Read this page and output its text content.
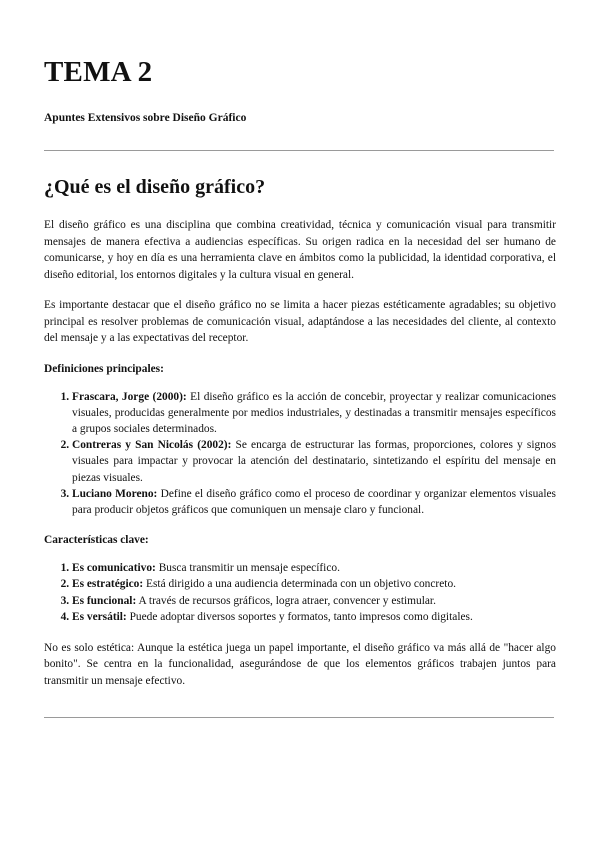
TEMA 2

Apuntes Extensivos sobre Diseño Gráfico

¿Qué es el diseño gráfico?

El diseño gráfico es una disciplina que combina creatividad, técnica y comunicación visual para transmitir mensajes de manera efectiva a audiencias específicas. Su origen radica en la necesidad del ser humano de comunicarse, y hoy en día es una herramienta clave en ámbitos como la publicidad, la identidad corporativa, el diseño editorial, los entornos digitales y la cultura visual en general.

Es importante destacar que el diseño gráfico no se limita a hacer piezas estéticamente agradables; su objetivo principal es resolver problemas de comunicación visual, adaptándose a las necesidades del cliente, al contexto del mensaje y a las expectativas del receptor.

Definiciones principales:
1. Frascara, Jorge (2000): El diseño gráfico es la acción de concebir, proyectar y realizar comunicaciones visuales, producidas generalmente por medios industriales, y destinadas a transmitir mensajes específicos a grupos sociales determinados.
2. Contreras y San Nicolás (2002): Se encarga de estructurar las formas, proporciones, colores y signos visuales para impactar y provocar la atención del destinatario, sintetizando el espíritu del mensaje en piezas visuales.
3. Luciano Moreno: Define el diseño gráfico como el proceso de coordinar y organizar elementos visuales para producir objetos gráficos que comuniquen un mensaje claro y funcional.
Características clave:
1. Es comunicativo: Busca transmitir un mensaje específico.
2. Es estratégico: Está dirigido a una audiencia determinada con un objetivo concreto.
3. Es funcional: A través de recursos gráficos, logra atraer, convencer y estimular.
4. Es versátil: Puede adoptar diversos soportes y formatos, tanto impresos como digitales.

No es solo estética: Aunque la estética juega un papel importante, el diseño gráfico va más allá de "hacer algo bonito". Se centra en la funcionalidad, asegurándose de que los elementos gráficos trabajen juntos para transmitir un mensaje efectivo.
